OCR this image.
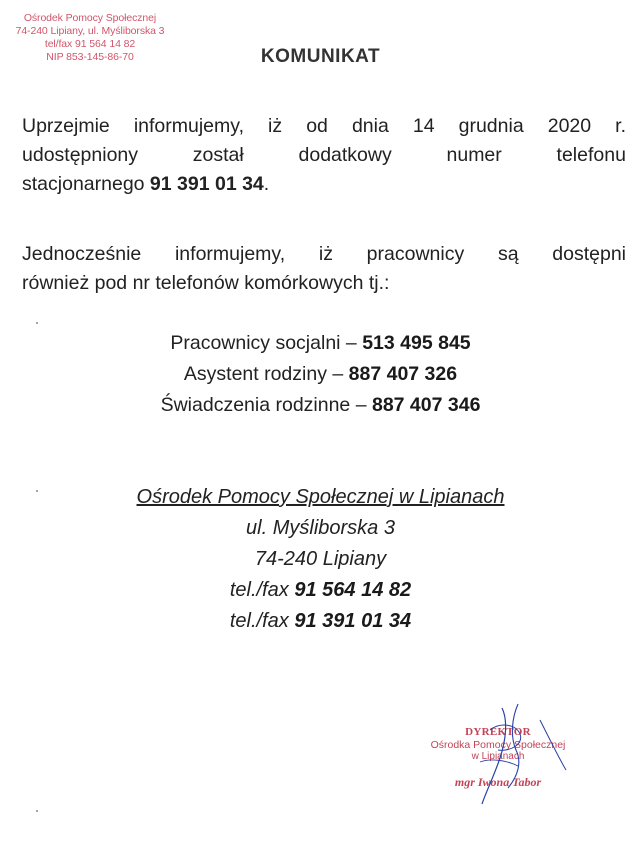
Ośrodek Pomocy Społecznej
74-240 Lipiany, ul. Myśliborska 3
tel/fax 91 564 14 82
NIP 853-145-86-70	KOMUNIKAT
Uprzejmie informujemy, iż od dnia 14 grudnia 2020 r.
udostępniony	został	dodatkowy	numer	telefonu
stacjonarnego 91 391 01 34.
Jednocześnie informujemy, iż pracownicy są dostępni
również pod nr telefonów komórkowych tj.:
Pracownicy socjalni – 513 495 845
Asystent rodziny – 887 407 326
Świadczenia rodzinne – 887 407 346
Ośrodek Pomocy Społecznej w Lipianach
ul. Myśliborska 3
74-240 Lipiany
tel./fax 91 564 14 82
tel./fax 91 391 01 34
DYREKTOR
Ośrodka Pomocy Społecznej
w Lipianach
mgr Iwona Tabor
